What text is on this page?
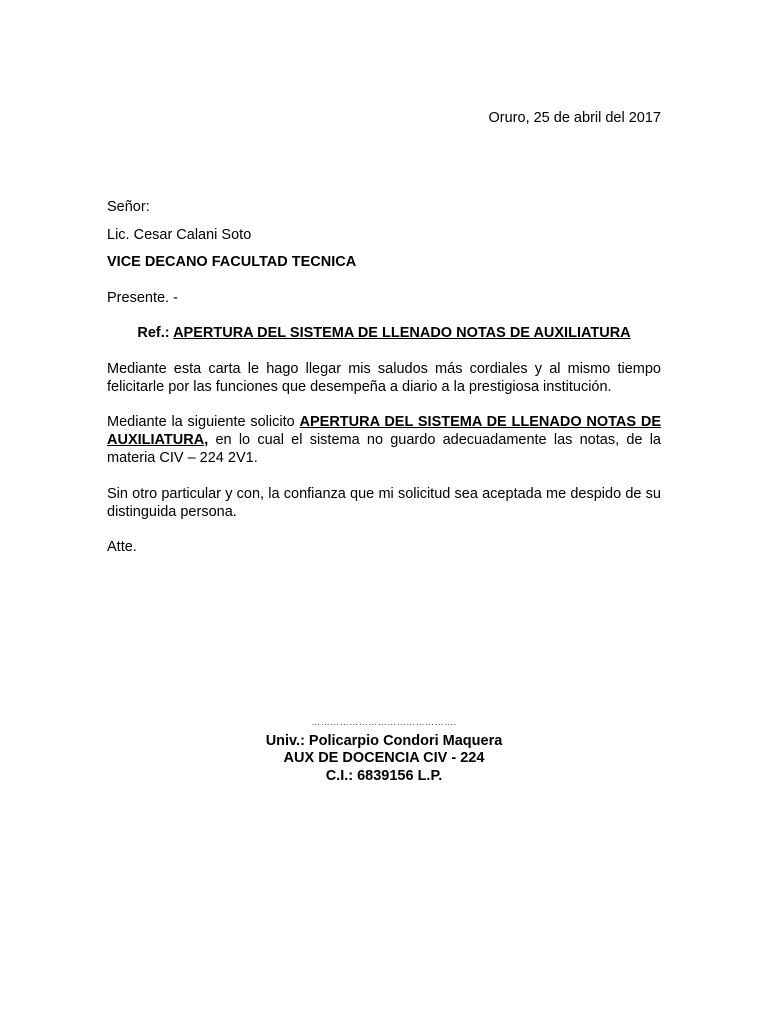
Oruro, 25 de abril del 2017
Señor:
Lic. Cesar Calani Soto
VICE DECANO FACULTAD TECNICA
Presente. -
Ref.: APERTURA DEL SISTEMA DE LLENADO NOTAS DE AUXILIATURA
Mediante esta carta le hago llegar mis saludos más cordiales y al mismo tiempo felicitarle por las funciones que desempeña a diario a la prestigiosa institución.
Mediante la siguiente solicito APERTURA DEL SISTEMA DE LLENADO NOTAS DE AUXILIATURA, en lo cual el sistema no guardo adecuadamente las notas, de la materia CIV – 224 2V1.
Sin otro particular y con, la confianza que mi solicitud sea aceptada me despido de su distinguida persona.
Atte.
……………………………………….
Univ.: Policarpio Condori Maquera
AUX DE DOCENCIA CIV - 224
C.I.: 6839156 L.P.
